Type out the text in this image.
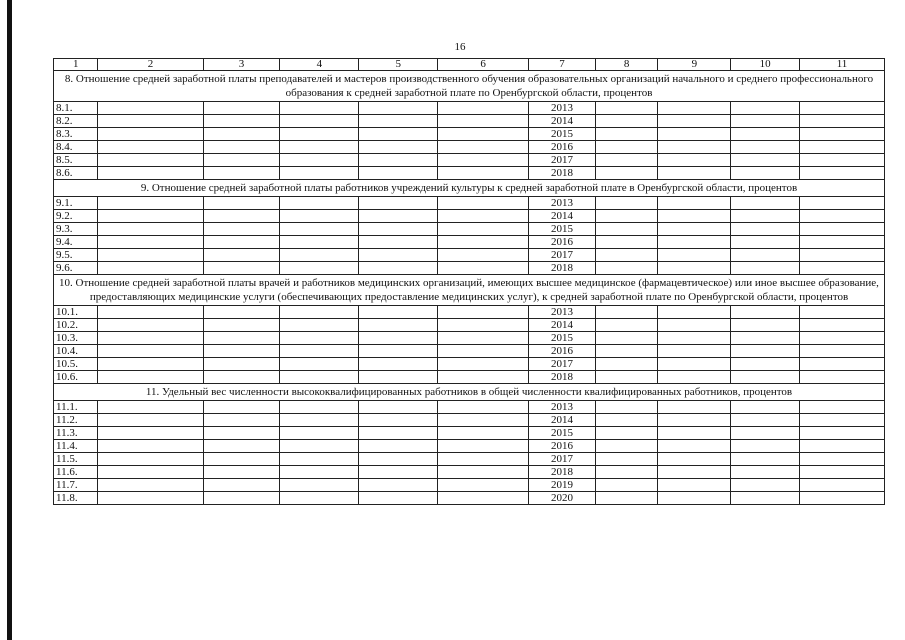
16
1	2	3	4	5	6	7	8	9	10	11
8. Отношение средней заработной платы преподавателей и мастеров производственного обучения образовательных организаций начального и среднего профессионального образования к средней заработной плате по Оренбургской области, процентов										
8.1.						2013				
8.2.						2014				
8.3.						2015				
8.4.						2016				
8.5.						2017				
8.6.						2018				
9. Отношение средней заработной платы работников учреждений культуры к средней заработной плате в Оренбургской области, процентов										
9.1.						2013				
9.2.						2014				
9.3.						2015				
9.4.						2016				
9.5.						2017				
9.6.						2018				
10. Отношение средней заработной платы врачей и работников медицинских организаций, имеющих высшее медицинское (фармацевтическое) или иное высшее образование, предоставляющих медицинские услуги (обеспечивающих предоставление медицинских услуг), к средней заработной плате по Оренбургской области, процентов										
10.1.						2013				
10.2.						2014				
10.3.						2015				
10.4.						2016				
10.5.						2017				
10.6.						2018				
11. Удельный вес численности высококвалифицированных работников в общей численности квалифицированных работников, процентов										
11.1.						2013				
11.2.						2014				
11.3.						2015				
11.4.						2016				
11.5.						2017				
11.6.						2018				
11.7.						2019				
11.8.						2020				
